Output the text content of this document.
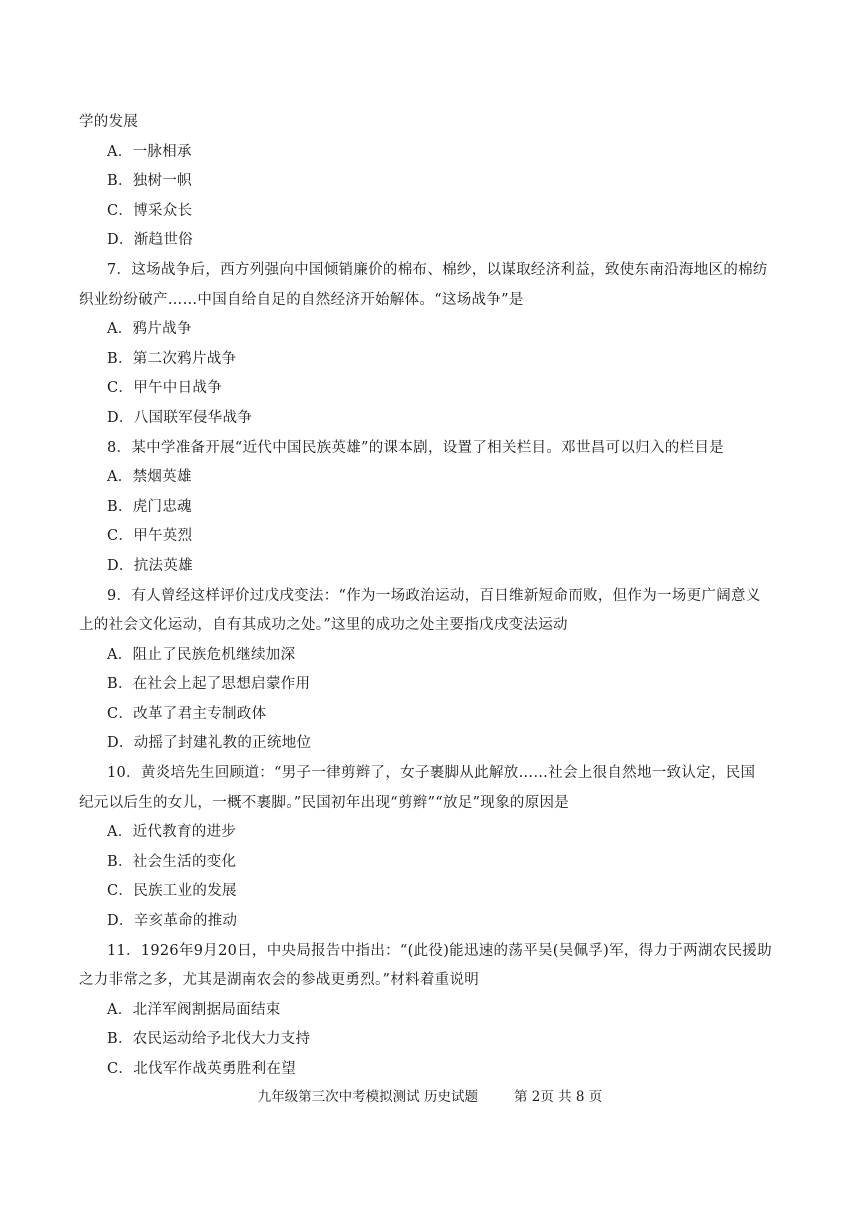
学的发展

A．一脉相承

B．独树一帜

C．博采众长

D．渐趋世俗

7．这场战争后，西方列强向中国倾销廉价的棉布、棉纱，以谋取经济利益，致使东南沿海地区的棉纺

织业纷纷破产……中国自给自足的自然经济开始解体。“这场战争”是

A．鸦片战争

B．第二次鸦片战争

C．甲午中日战争

D．八国联军侵华战争

8．某中学准备开展“近代中国民族英雄”的课本剧，设置了相关栏目。邓世昌可以归入的栏目是

A．禁烟英雄

B．虎门忠魂

C．甲午英烈

D．抗法英雄

9．有人曾经这样评价过戊戌变法：“作为一场政治运动，百日维新短命而败，但作为一场更广阔意义

上的社会文化运动，自有其成功之处。”这里的成功之处主要指戊戌变法运动

A．阻止了民族危机继续加深

B．在社会上起了思想启蒙作用

C．改革了君主专制政体

D．动摇了封建礼教的正统地位

10．黄炎培先生回顾道：“男子一律剪辫了，女子裹脚从此解放……社会上很自然地一致认定，民国

纪元以后生的女儿，一概不裹脚。”民国初年出现“剪辫”“放足”现象的原因是

A．近代教育的进步

B．社会生活的变化

C．民族工业的发展

D．辛亥革命的推动

11．1926年9月20日，中央局报告中指出：“(此役)能迅速的荡平吴(吴佩孚)军，得力于两湖农民援助

之力非常之多，尤其是湖南农会的参战更勇烈。”材料着重说明

A．北洋军阀割据局面结束

B．农民运动给予北伐大力支持

C．北伐军作战英勇胜利在望

九年级第三次中考模拟测试 历史试题	第 2页 共 8 页
